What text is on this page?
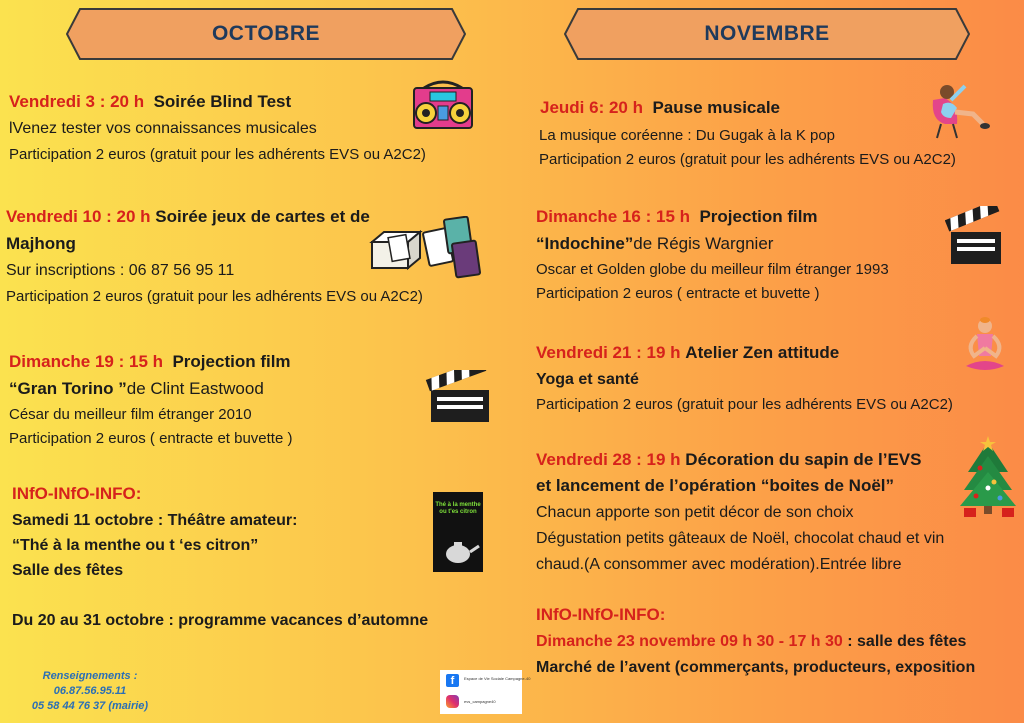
OCTOBRE	NOVEMBRE
Vendredi 3 : 20 h Soirée Blind Test
lVenez tester vos connaissances musicales
Participation 2 euros (gratuit pour les adhérents EVS ou A2C2)
Vendredi 10 : 20 h Soirée jeux de cartes et de
Majhong
Sur inscriptions : 06 87 56 95 11
Participation 2 euros (gratuit pour les adhérents EVS ou A2C2)
Dimanche 19 : 15 h Projection film
“Gran Torino ”de Clint Eastwood
César du meilleur film étranger 2010
Participation 2 euros ( entracte et buvette )
INfO-INfO-INFO:
Samedi 11 octobre : Théâtre amateur:
“Thé à la menthe ou t ‘es citron”
Salle des fêtes
Du 20 au 31 octobre : programme vacances d’automne
Renseignements :
06.87.56.95.11
05 58 44 76 37 (mairie)
f	Espace de Vie Sociale Campagne-40
evs_campagne40
Jeudi 6: 20 h Pause musicale
La musique coréenne : Du Gugak à la K pop
Participation 2 euros (gratuit pour les adhérents EVS ou A2C2)
Dimanche 16 : 15 h Projection film
“Indochine”de Régis Wargnier
Oscar et Golden globe du meilleur film étranger 1993
Participation 2 euros ( entracte et buvette )
Vendredi 21 : 19 h Atelier Zen attitude
Yoga et santé
Participation 2 euros (gratuit pour les adhérents EVS ou A2C2)
Vendredi 28 : 19 h Décoration du sapin de l’EVS
et lancement de l’opération “boites de Noël”
Chacun apporte son petit décor de son choix
Dégustation petits gâteaux de Noël, chocolat chaud et vin
chaud.(A consommer avec modération).Entrée libre
INfO-INfO-INFO:
Dimanche 23 novembre 09 h 30 - 17 h 30 : salle des fêtes
Marché de l’avent (commerçants, producteurs, exposition
Thé à la menthe ou t'es citron
